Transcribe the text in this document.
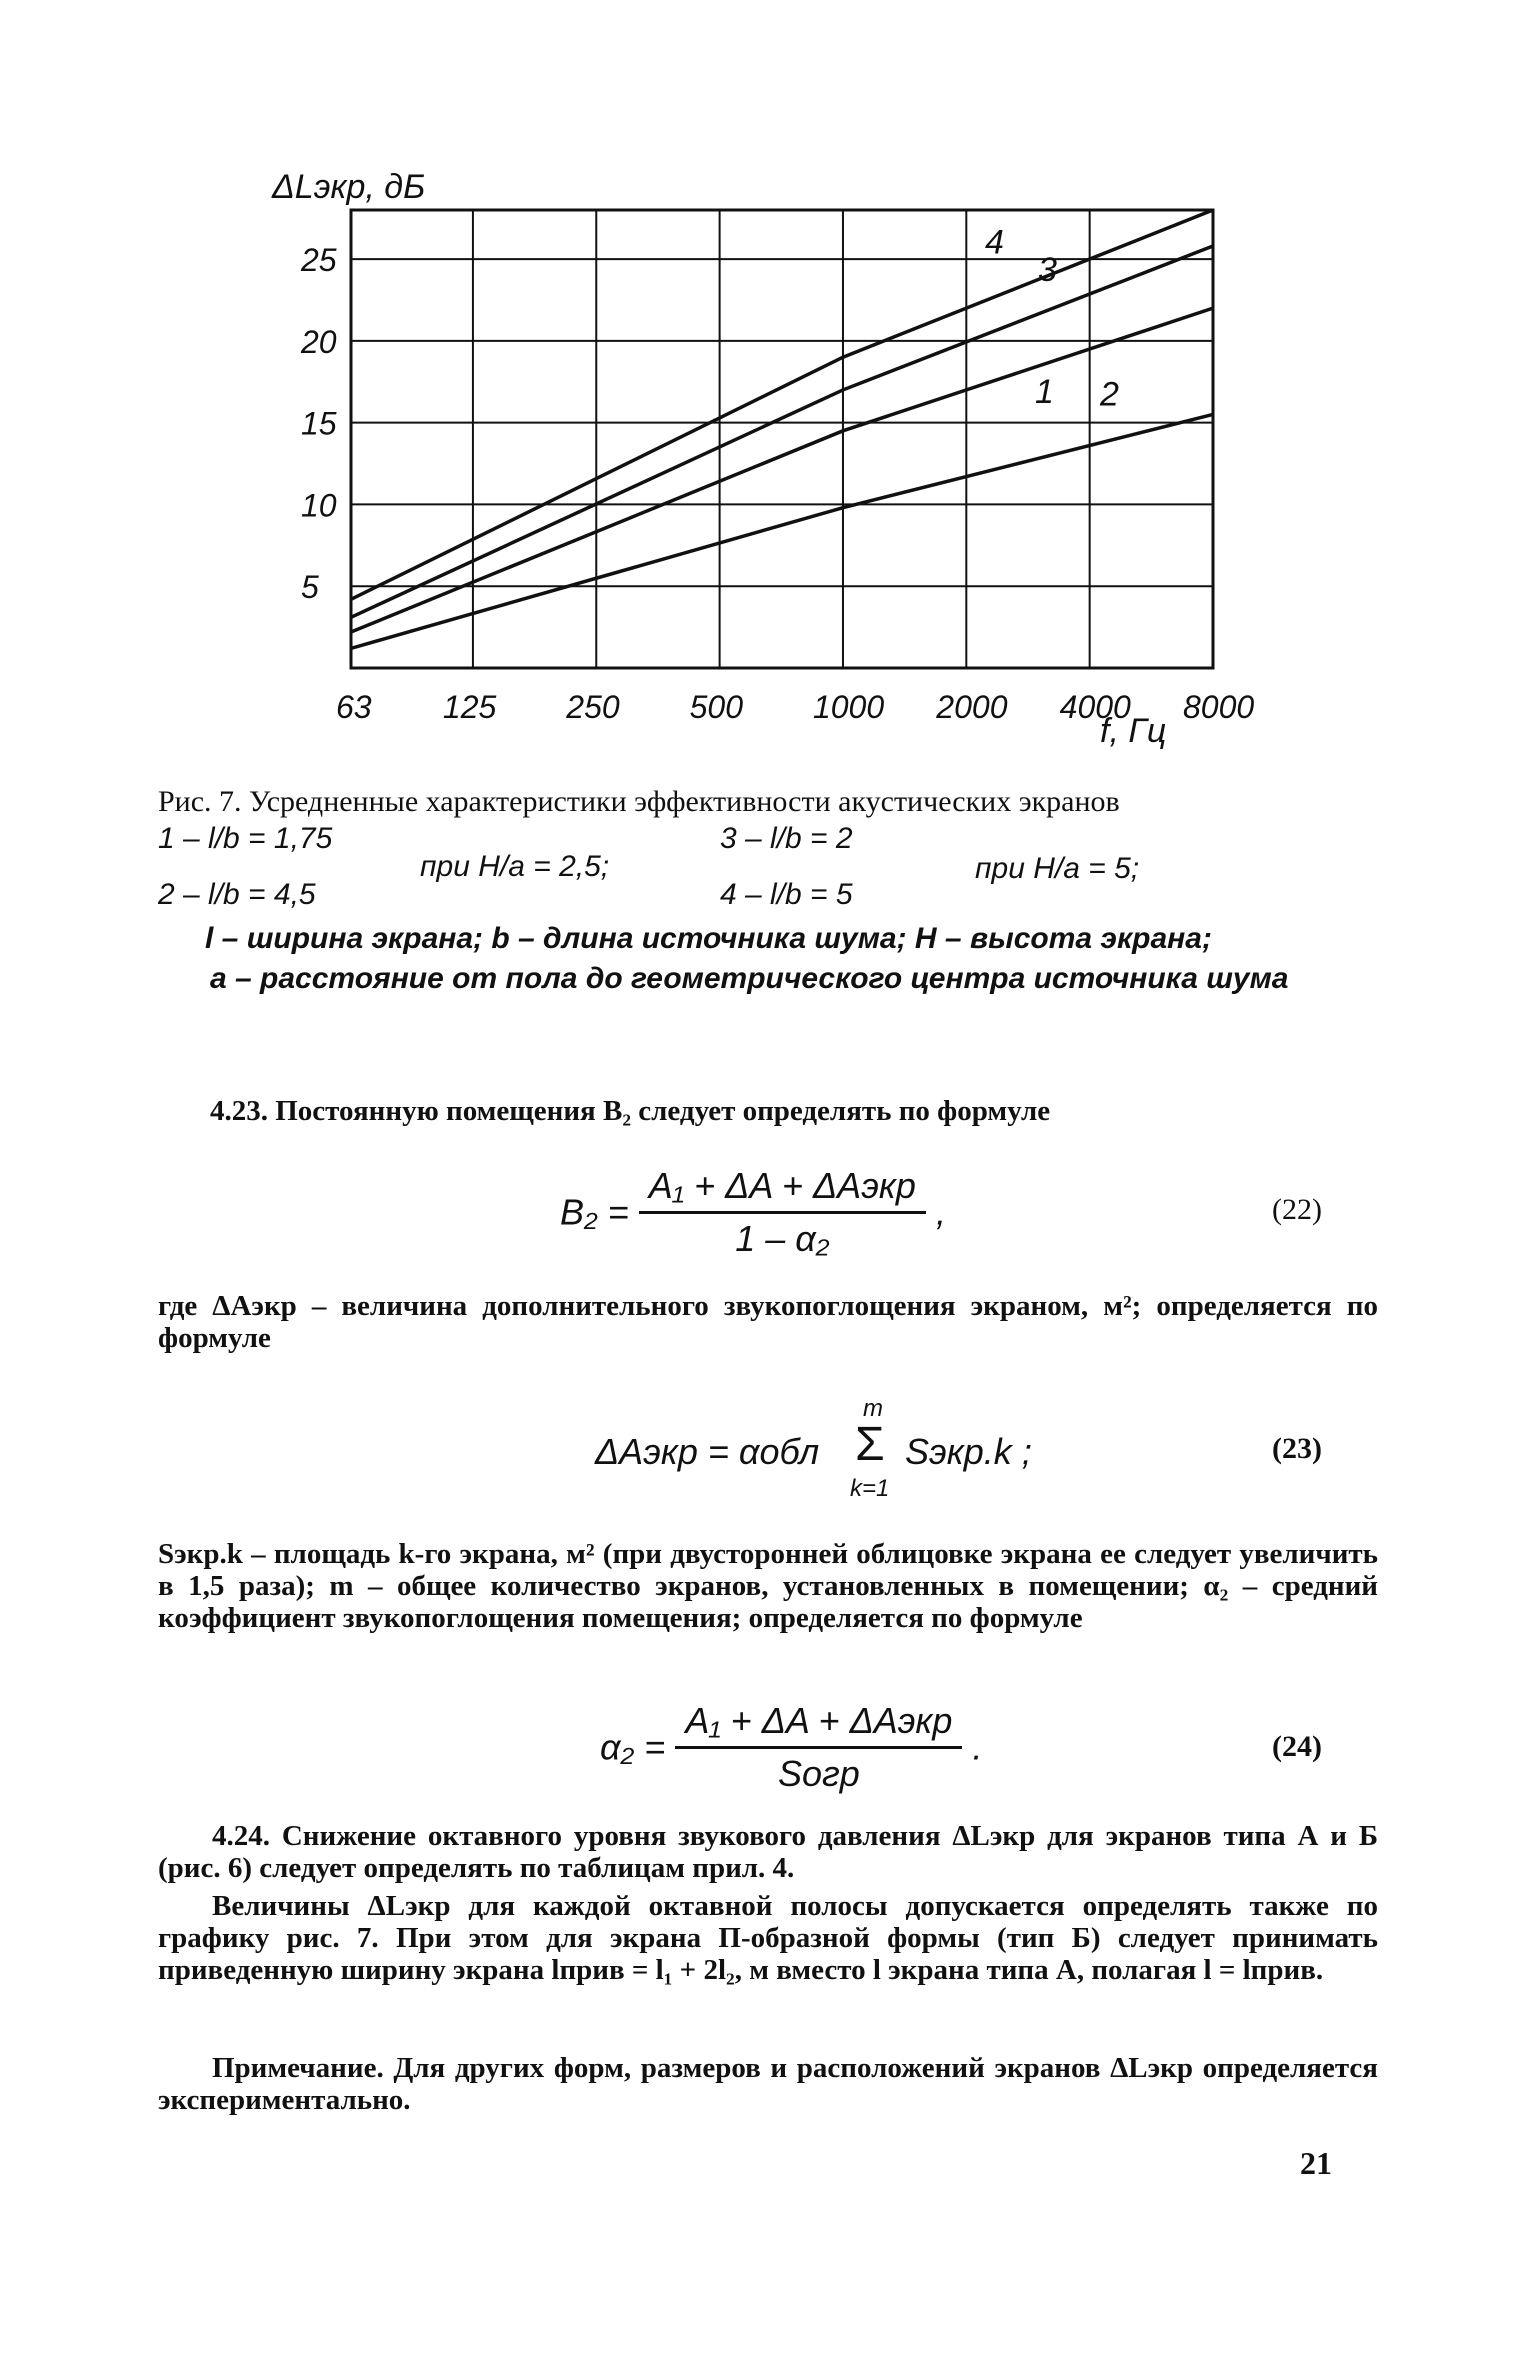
1 2
3
4
63 125 250 500 1000 2000 4000 8000
5
10
15
20
25
ΔLэкр, дБ
f, Гц
Рис. 7. Усредненные характеристики эффективности акустических экранов
1 – l/b = 1,75
2 – l/b = 4,5
при H/a = 2,5;
3 – l/b = 2
4 – l/b = 5
при H/a = 5;
l – ширина экрана; b – длина источника шума; H – высота экрана;
a – расстояние от пола до геометрического центра источника шума
4.23. Постоянную помещения B₂ следует определять по формуле
$B_2 = \frac{\text{A₁ + ΔA + ΔAэкр}}{\text{1 – α₂}}$ ,	(22)
где ΔAэкр – величина дополнительного звукопоглощения экраном, м²; определяется по формуле
ΔAэкр = αобл
m
Σ
k=1
Sэкр.k ;	(23)
Sэкр.k – площадь k-го экрана, м² (при двусторонней облицовке экрана ее следует увеличить в 1,5 раза); m – общее количество экранов, установленных в помещении; α₂ – средний коэффициент звукопоглощения помещения; определяется по формуле
$\alpha_2 = \frac{\text{A₁ + ΔA + ΔAэкр}}{\text{Sогр}}$ .	(24)
4.24. Снижение октавного уровня звукового давления ΔLэкр для экранов типа А и Б (рис. 6) следует определять по таблицам прил. 4.
Величины ΔLэкр для каждой октавной полосы допускается определять также по графику рис. 7. При этом для экрана П-образной формы (тип Б) следует принимать приведенную ширину экрана lприв = l₁ + 2l₂, м вместо l экрана типа А, полагая l = lприв.
Примечание. Для других форм, размеров и расположений экранов ΔLэкр определяется экспериментально.
21
